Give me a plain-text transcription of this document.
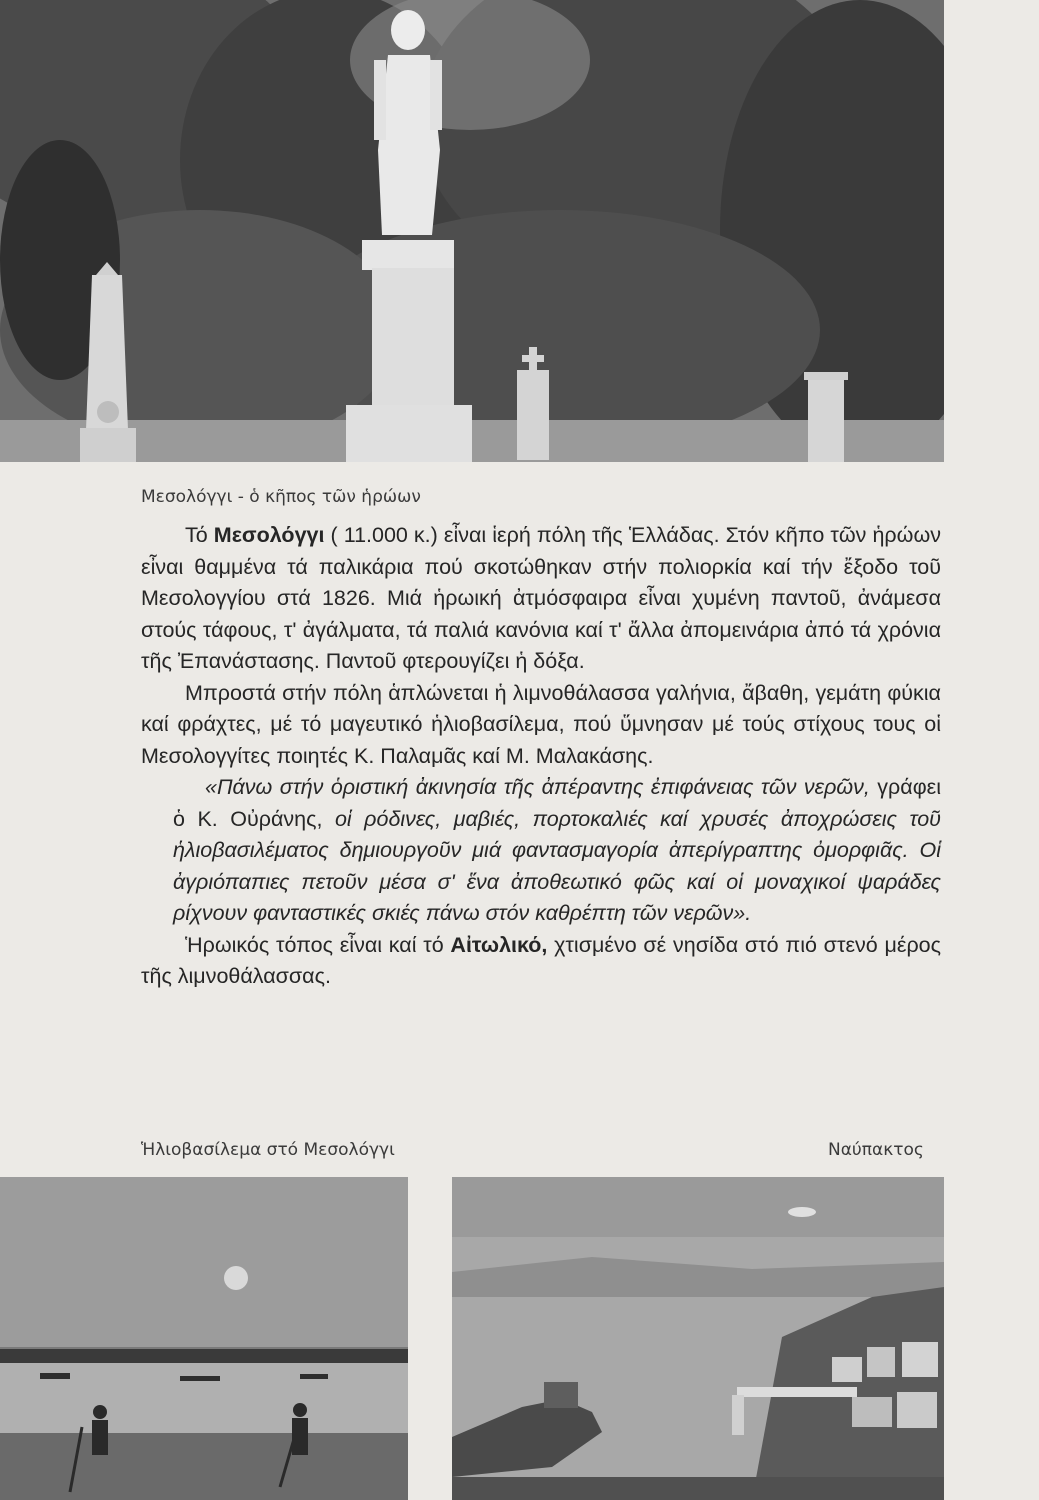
Μεσολόγγι - ὁ κῆπος τῶν ἡρώων

Τό Μεσολόγγι ( 11.000 κ.) εἶναι ἱερή πόλη τῆς Ἑλλάδας. Στόν κῆπο τῶν ἡρώων εἶναι θαμμένα τά παλικάρια πού σκοτώθηκαν στήν πολιορκία καί τήν ἔξοδο τοῦ Μεσολογγίου στά 1826. Μιά ἡρωική ἀτμόσφαιρα εἶναι χυμένη παντοῦ, ἀνάμεσα στούς τάφους, τ' ἀγάλματα, τά παλιά κανόνια καί τ' ἄλλα ἀπομεινάρια ἀπό τά χρόνια τῆς Ἐπανάστασης. Παντοῦ φτερουγίζει ἡ δόξα.

Μπροστά στήν πόλη ἁπλώνεται ἡ λιμνοθάλασσα γαλήνια, ἄβαθη, γεμάτη φύκια καί φράχτες, μέ τό μαγευτικό ἡλιοβασίλεμα, πού ὕμνησαν μέ τούς στίχους τους οἱ Μεσολογγίτες ποιητές Κ. Παλαμᾶς καί Μ. Μαλακάσης.

«Πάνω στήν ὁριστική ἀκινησία τῆς ἀπέραντης ἐπιφάνειας τῶν νερῶν, γράφει ὁ Κ. Οὐράνης, οἱ ρόδινες, μαβιές, πορτοκαλιές καί χρυσές ἀποχρώσεις τοῦ ἡλιοβασιλέματος δημιουργοῦν μιά φαντασμαγορία ἀπερίγραπτης ὀμορφιᾶς. Οἱ ἀγριόπαπιες πετοῦν μέσα σ' ἕνα ἀποθεωτικό φῶς καί οἱ μοναχικοί ψαράδες ρίχνουν φανταστικές σκιές πάνω στόν καθρέπτη τῶν νερῶν».

Ἡρωικός τόπος εἶναι καί τό Αἰτωλικό, χτισμένο σέ νησίδα στό πιό στενό μέρος τῆς λιμνοθάλασσας.

Ἡλιοβασίλεμα στό Μεσολόγγι	Ναύπακτος
